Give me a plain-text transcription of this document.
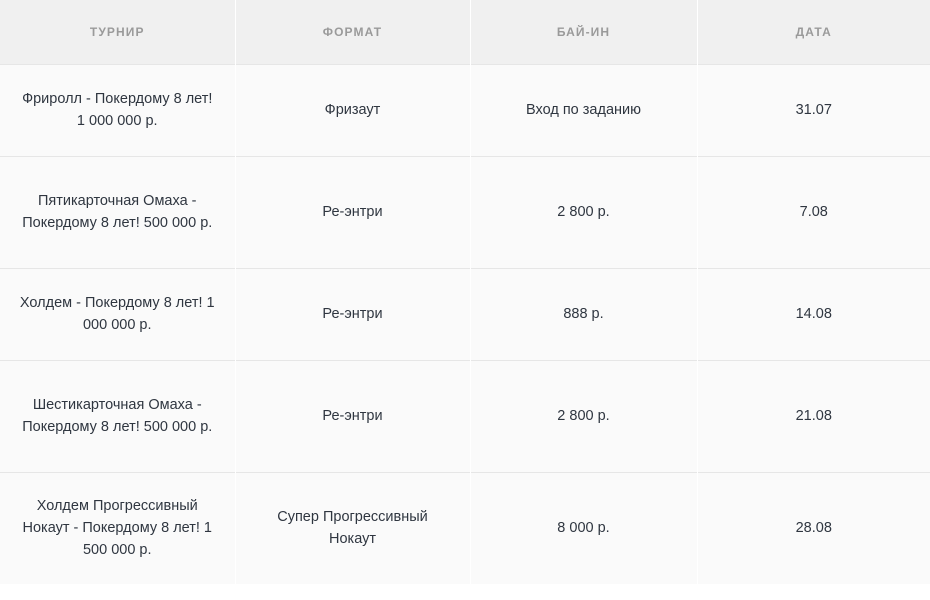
ТУРНИР	ФОРМАТ	БАЙ-ИН	ДАТА
Фриролл - Покердому 8 лет! 1 000 000 р.	Фризаут	Вход по заданию	31.07
Пятикарточная Омаха - Покердому 8 лет! 500 000 р.	Ре-энтри	2 800 р.	7.08
Холдем - Покердому 8 лет! 1 000 000 р.	Ре-энтри	888 р.	14.08
Шестикарточная Омаха - Покердому 8 лет! 500 000 р.	Ре-энтри	2 800 р.	21.08
Холдем Прогрессивный Нокаут - Покердому 8 лет! 1 500 000 р.	Супер Прогрессивный Нокаут	8 000 р.	28.08
